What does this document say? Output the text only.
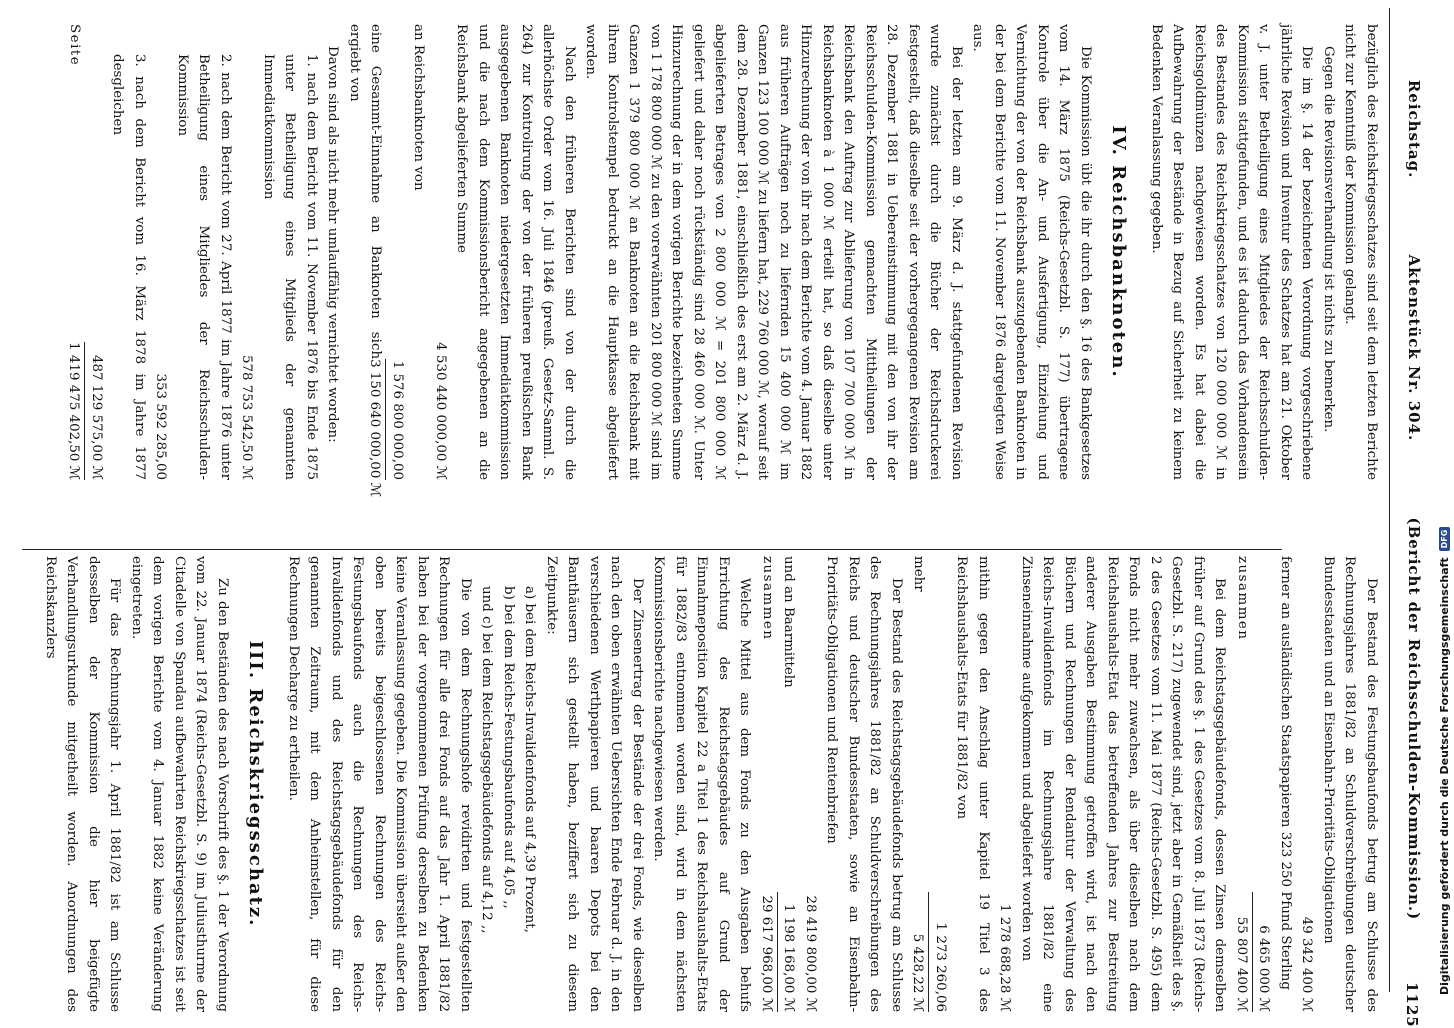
Reichstag. Aktenstück Nr. 304. (Bericht der Reichsschulden-Kommission.)
1125

Der Bestand des Festungsbaufonds betrug am Schlusse des Rechnungsjahres 1881/82 an Schuldverschreibungen deutscher Bundesstaaten und an Eisenbahn-Prioritäts-Obligationen

49 342 400 ℳ

ferner an ausländischen Staatspapieren 323 250 Pfund Sterling

6 465 000 ℳ
zusammen
55 807 400 ℳ

Bei dem Reichstagsgebäudefonds, dessen Zinsen demselben früher auf Grund des §. 1 des Gesetzes vom 8. Juli 1873 (Reichs-Gesetzbl. S. 217) zugewendet sind, jetzt aber in Gemäßheit des §. 2 des Gesetzes vom 11. Mai 1877 (Reichs-Gesetzbl. S. 495) dem Fonds nicht mehr zuwachsen, als über dieselben nach dem Reichshaushalts-Etat das betreffenden Jahres zur Bestreitung anderer Ausgaben Bestimmung getroffen wird, ist nach den Büchern und Rechnungen der Rendantur der Verwaltung des Reichs-Invalidenfonds im Rechnungsjahre 1881/82 eine Zinseneinnahme aufgekommen und abgeliefert worden von

1 278 688,28 ℳ

mithin gegen den Anschlag unter Kapitel 19 Titel 3 des Reichshaushalts-Etats für 1881/82 von

1 273 260,06
mehr
5 428,22 ℳ

Der Bestand des Reichstagsgebäudefonds betrug am Schlusse des Rechnungsjahres 1881/82 an Schuldverschreibungen des Reichs und deutscher Bundesstaaten, sowie an Eisenbahn-Prioritäts-Obligationen und Rentenbriefen

28 419 800,00 ℳ
und an Baarmitteln
1 198 168,00 ℳ
zusammen
29 617 968,00 ℳ

Welche Mittel aus dem Fonds zu den Ausgaben behufs Errichtung des Reichstagsgebäudes auf Grund der Einnahmeposition Kapitel 22 a Titel 1 des Reichshaushalts-Etats für 1882/83 entnommen worden sind, wird in dem nächsten Kommissionsberichte nachgewiesen werden.

Der Zinsenertrag der Bestände der drei Fonds, wie dieselben nach den oben erwähnten Uebersichten Ende Februar d. J. in den verschiedenen Werthpapieren und baaren Depots bei den Banthäusern sich gestellt haben, beziffert sich zu diesem Zeitpunkte:

a) bei dem Reichs-Invalidenfonds auf 4,39 Prozent,
b) bei dem Reichs-Festungsbaufonds auf 4,05 ,,
und c) bei dem Reichstagsgebäudefonds auf 4,12 ,,

Die von dem Rechnungshofe revidirten und festgestellten Rechnungen für alle drei Fonds auf das Jahr 1. April 1881/82 haben bei der vorgenommenen Prüfung derselben zu Bedenken keine Veranlassung gegeben. Die Kommission übersieht außer den oben bereits beigeschlossenen Rechnungen des Reichs-Festungsbaufonds auch die Rechnungen des Reichs-Invalidenfonds und des Reichstagsgebäudefonds für den genannten Zeitraum, mit dem Anheimstellen, für diese Rechnungen Decharge zu ertheilen.

III. Reichskriegsschatz.

Zu den Beständen des nach Vorschrift des §. 1 der Verordnung vom 22. Januar 1874 (Reichs-Gesetzbl. S. 9) im Juliusthurme der Citadelle von Spandau aufbewahrten Reichskriegsschatzes ist seit dem vorigen Berichte vom 4. Januar 1882 keine Veränderung eingetreten.

Für das Rechnungsjahr 1. April 1881/82 ist am Schlusse desselben der Kommission die hier beigefügte Verhandlungsurkunde mitgetheilt worden. Anordnungen des Reichskanzlers

bezüglich des Reichskriegsschatzes sind seit dem letzten Berichte nicht zur Kenntniß der Kommission gelangt.

Gegen die Revisionsverhandlung ist nichts zu bemerken.

Die im §. 14 der bezeichneten Verordnung vorgeschriebene jährliche Revision und Inventur des Schatzes hat am 21. Oktober v. J. unter Betheiligung eines Mitgliedes der Reichsschulden-Kommission stattgefunden, und es ist dadurch das Vorhandensein des Bestandes des Reichskriegsschatzes von 120 000 000 ℳ in Reichsgoldmünzen nachgewiesen worden. Es hat dabei die Aufbewahrung der Bestände in Bezug auf Sicherheit zu keinem Bedenken Veranlassung gegeben.

IV. Reichsbanknoten.

Die Kommission übt die ihr durch den §. 16 des Bankgesetzes vom 14. März 1875 (Reichs-Gesetzbl. S. 177) übertragene Kontrole über die An- und Ausfertigung, Einziehung und Vernichtung der von der Reichsbank auszugebenden Banknoten in der bei dem Berichte vom 11. November 1876 dargelegten Weise aus.

Bei der letzten am 9. März d. J. stattgefundenen Revision wurde zunächst durch die Bücher der Reichsdruckerei festgestellt, daß dieselbe seit der vorhergegangenen Revision am 28. Dezember 1881 in Uebereinstimmung mit den von ihr der Reichsschulden-Kommission gemachten Mittheilungen der Reichsbank den Auftrag zur Ablieferung von 107 700 000 ℳ in Reichsbanknoten à 1 000 ℳ erteilt hat, so daß dieselbe unter Hinzurechnung der von ihr nach dem Berichte vom 4. Januar 1882 aus früheren Aufträgen noch zu liefernden 15 400 000 ℳ im Ganzen 123 100 000 ℳ zu liefern hat, 229 760 000 ℳ, worauf seit dem 28. Dezember 1881, einschließlich des erst am 2. März d. J. abgelieferten Betrages von 2 800 000 ℳ = 201 800 000 ℳ geliefert und daher noch rückständig sind 28 460 000 ℳ. Unter Hinzurechnung der in dem vorigen Berichte bezeichneten Summe von 1 178 800 000 ℳ zu den vorerwähnten 201 800 000 ℳ sind im Ganzen 1 379 800 000 ℳ an Banknoten an die Reichsbank mit ihrem Kontrolstempel bedruckt an die Hauptkasse abgeliefert worden.

Nach den früheren Berichten sind von der durch die allerhöchste Order vom 16. Juli 1846 (preuß. Gesetz-Samml. S. 264) zur Kontrolirung der von der früheren preußischen Bank ausgegebenen Banknoten niedergesetzten Immediatkommission und die nach dem Kommissionsbericht angegebenen an die Reichsbank abgelieferten Summe

4 530 440 000,00 ℳ

an Reichsbanknoten von

1 576 800 000,00
eine Gesammt-Einnahme an Banknoten sich ergiebt von
3 150 640 000,00 ℳ

Davon sind als nicht mehr umlauffähig vernichtet worden:

1. nach dem Bericht vom 11. November 1876 bis Ende 1875 unter Betheiligung eines Mitglieds der genannten Immediatkommission
578 753 542,50 ℳ
2. nach dem Bericht vom 27. April 1877 im Jahre 1876 unter Betheiligung eines Mitgliedes der Reichsschulden-Kommission
353 592 285,00
3. nach dem Bericht vom 16. März 1878 im Jahre 1877 desgleichen
487 129 575,00 ℳ
Seite
1 419 475 402,50 ℳ
Digitalisierung gefördert durch die Deutsche Forschungsgemeinschaft
DFG
